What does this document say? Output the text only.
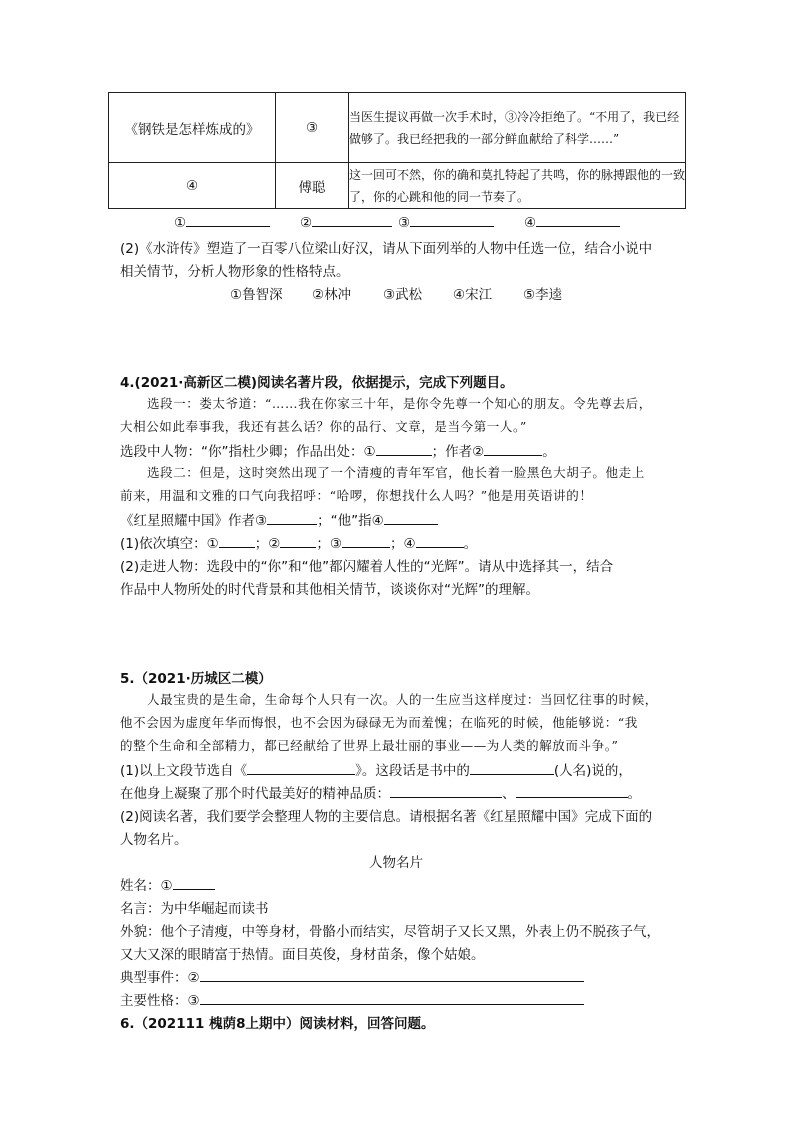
《钢铁是怎样炼成的》	③	当医生提议再做一次手术时，③冷冷拒绝了。“不用了，我已经做够了。我已经把我的一部分鲜血献给了科学……”
④	傅聪	这一回可不然，你的确和莫扎特起了共鸣，你的脉搏跟他的一致了，你的心跳和他的同一节奏了。
①	②	③	④
(2)《水浒传》塑造了一百零八位梁山好汉，请从下面列举的人物中任选一位，结合小说中
相关情节，分析人物形象的性格特点。
①鲁智深 ②林冲 ③武松 ④宋江 ⑤李逵
4.(2021·高新区二模)阅读名著片段，依据提示，完成下列题目。
选段一：娄太爷道：“……我在你家三十年，是你令先尊一个知心的朋友。令先尊去后，
大相公如此奉事我，我还有甚么话？你的品行、文章，是当今第一人。”
选段中人物：“你”指杜少卿；作品出处：①	；作者②	。
选段二：但是，这时突然出现了一个清瘦的青年军官，他长着一脸黑色大胡子。他走上
前来，用温和文雅的口气向我招呼：“哈啰，你想找什么人吗？”他是用英语讲的！
《红星照耀中国》作者③	；“他”指④
(1)依次填空：①	；②	；③	；④	。
(2)走进人物：选段中的“你”和“他”都闪耀着人性的“光辉”。请从中选择其一，结合
作品中人物所处的时代背景和其他相关情节，谈谈你对“光辉”的理解。
5.（2021·历城区二模）
人最宝贵的是生命，生命每个人只有一次。人的一生应当这样度过：当回忆往事的时候，
他不会因为虚度年华而悔恨，也不会因为碌碌无为而羞愧；在临死的时候，他能够说：“我
的整个生命和全部精力，都已经献给了世界上最壮丽的事业——为人类的解放而斗争。”
(1)以上文段节选自《	》。这段话是书中的	(人名)说的，
在他身上凝聚了那个时代最美好的精神品质：	、	。
(2)阅读名著，我们要学会整理人物的主要信息。请根据名著《红星照耀中国》完成下面的
人物名片。
人物名片
姓名：①
名言：为中华崛起而读书
外貌：他个子清瘦，中等身材，骨骼小而结实，尽管胡子又长又黑，外表上仍不脱孩子气，
又大又深的眼睛富于热情。面目英俊，身材苗条，像个姑娘。
典型事件：②
主要性格：③
6.（202111 槐荫8上期中）阅读材料，回答问题。
